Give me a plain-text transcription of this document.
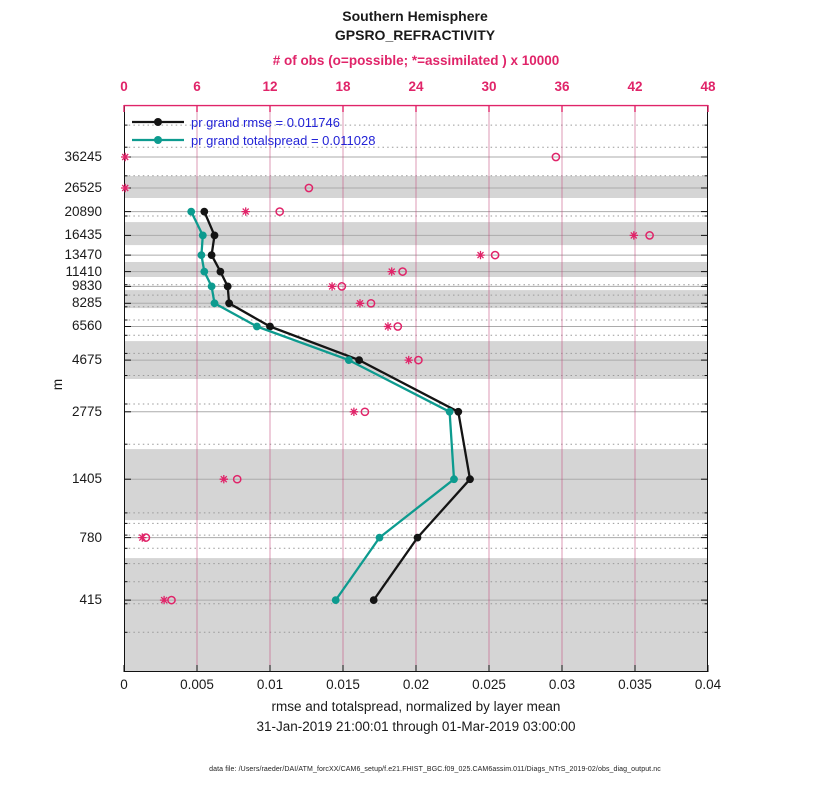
Southern Hemisphere
GPSRO_REFRACTIVITY
# of obs (o=possible; *=assimilated ) x 10000
0	6	12	18	24	30	36	42	48
36245
26525
20890
16435
13470
11410
9830
8285
6560
4675
2775
1405
780
415
m
pr grand rmse = 0.011746
pr grand totalspread = 0.011028
0	0.005	0.01	0.015	0.02	0.025	0.03	0.035	0.04
rmse and totalspread, normalized by layer mean
31-Jan-2019 21:00:01 through 01-Mar-2019 03:00:00
data file: /Users/raeder/DAI/ATM_forcXX/CAM6_setup/f.e21.FHIST_BGC.f09_025.CAM6assim.011/Diags_NTrS_2019-02/obs_diag_output.nc
